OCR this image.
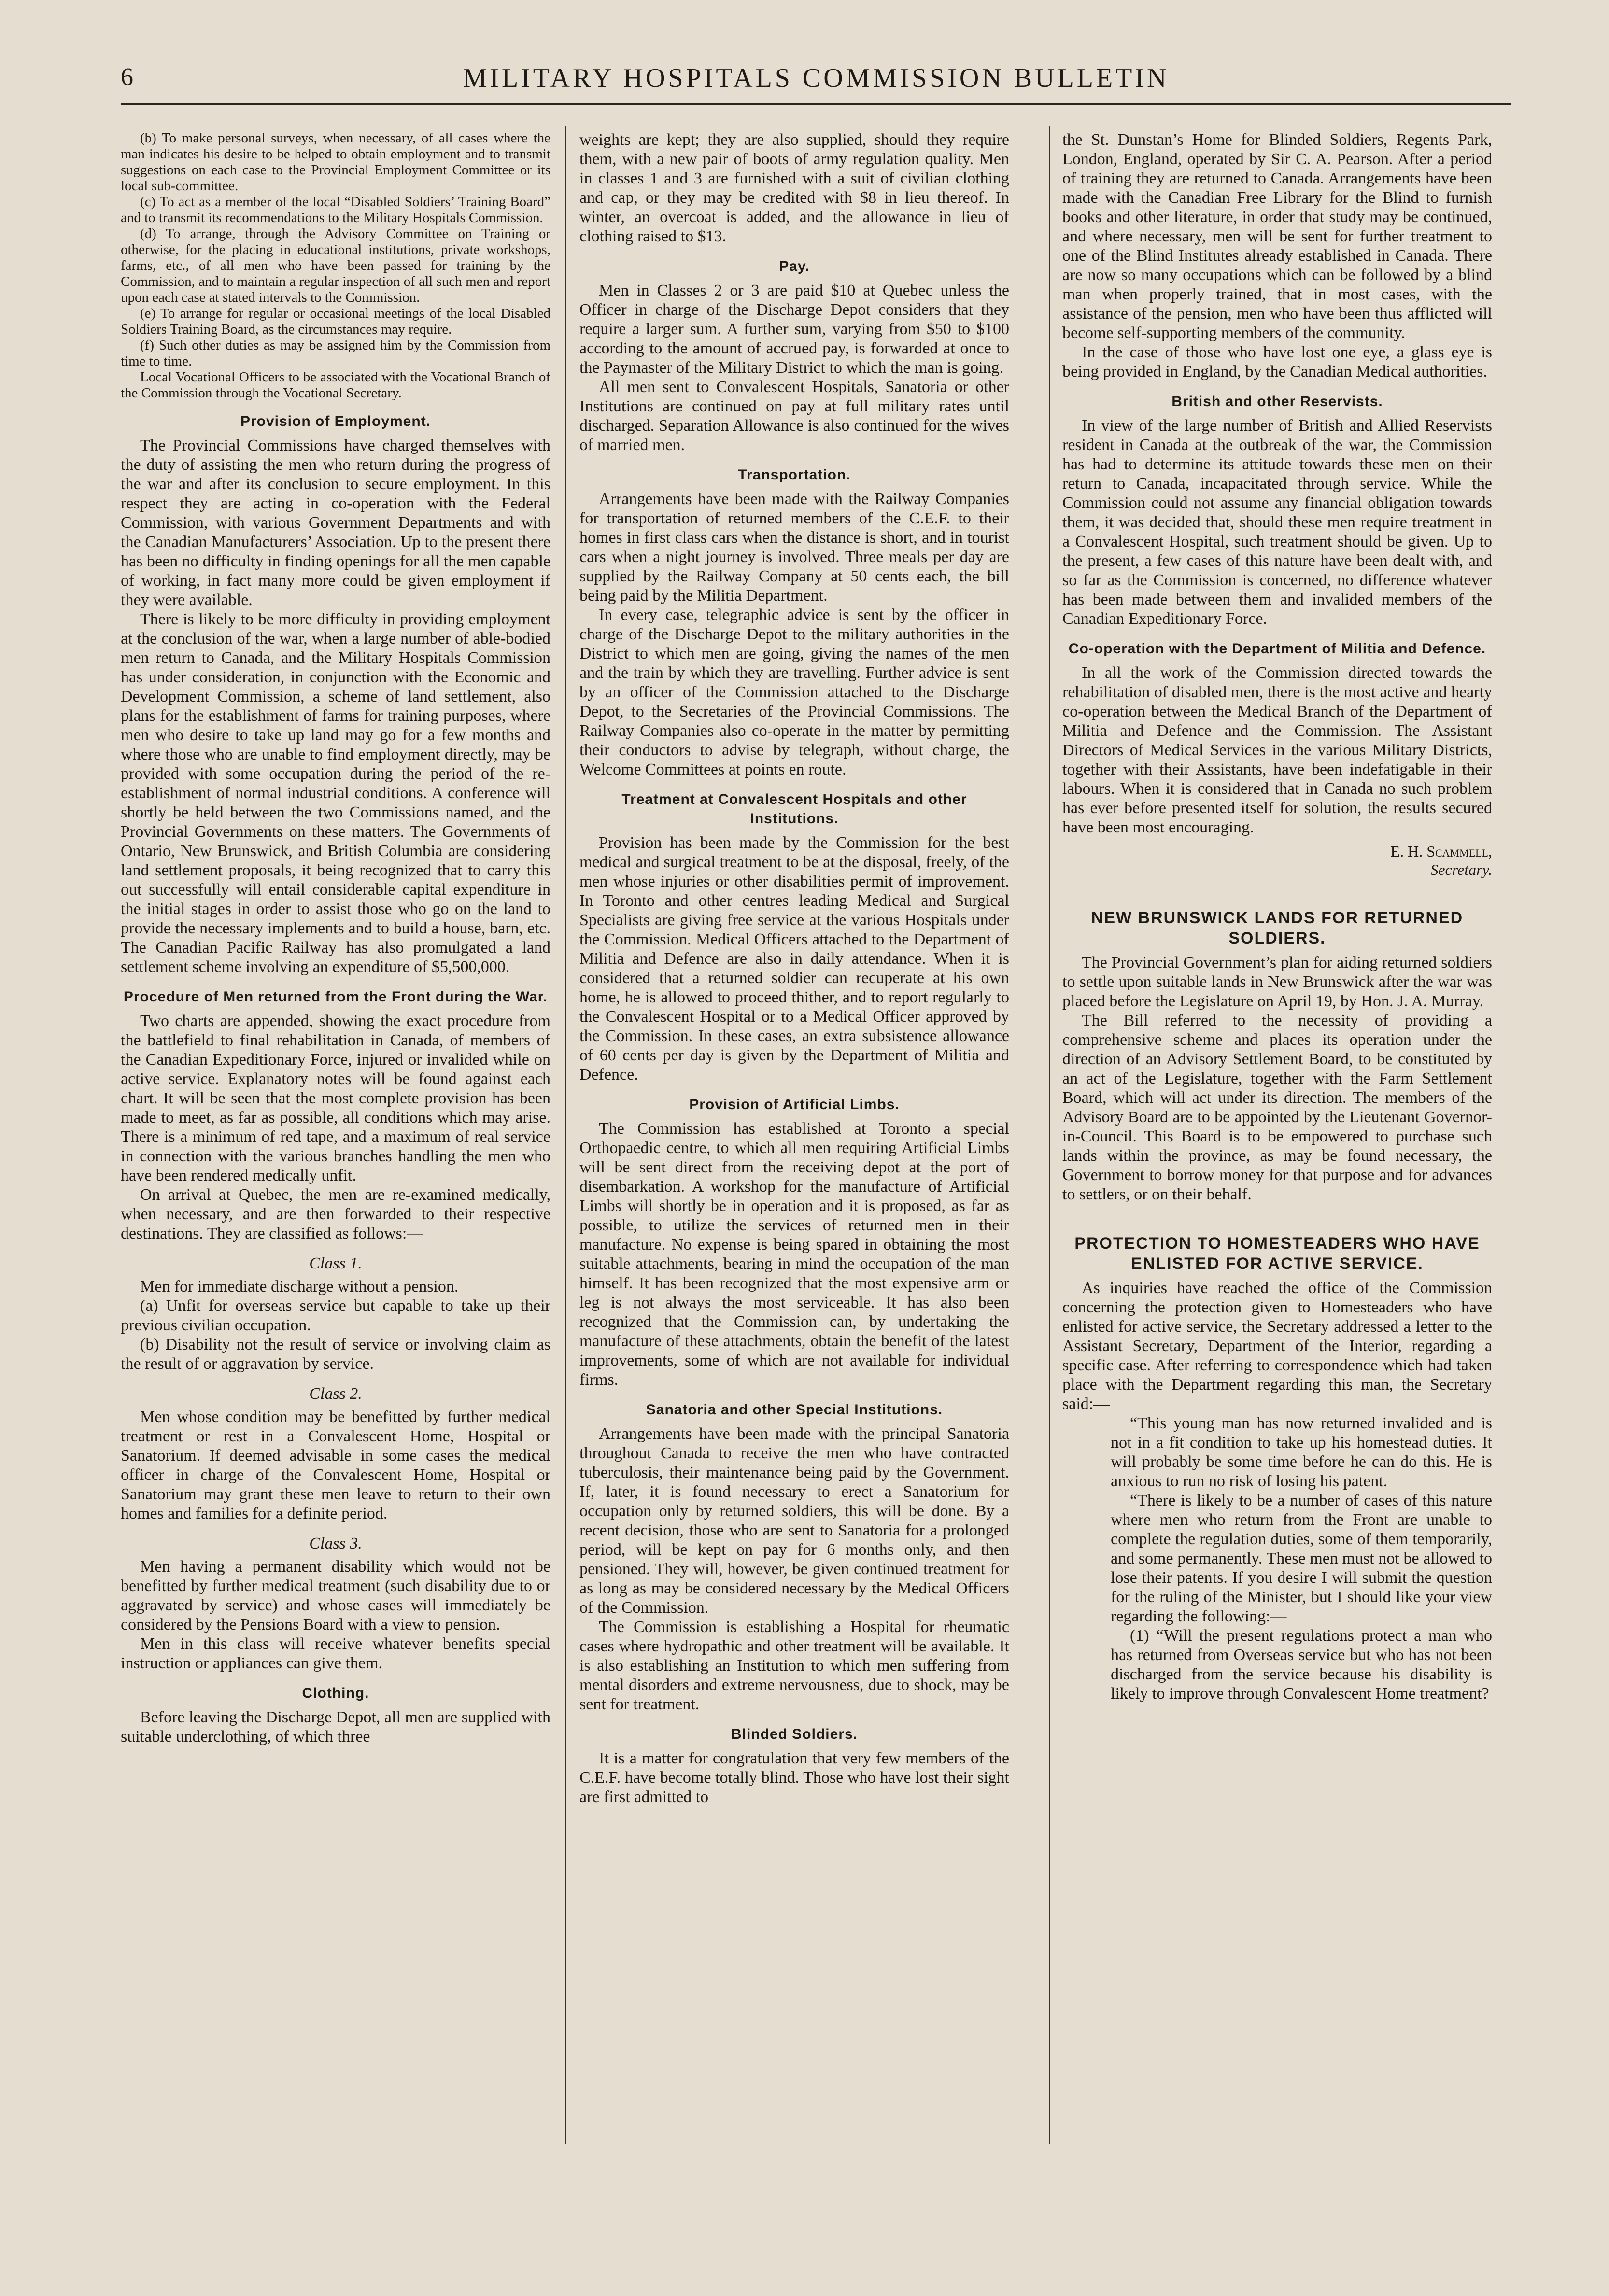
6	MILITARY HOSPITALS COMMISSION BULLETIN

(b) To make personal surveys, when necessary, of all cases where the man indicates his desire to be helped to obtain employment and to transmit suggestions on each case to the Provincial Employment Committee or its local sub-committee.

(c) To act as a member of the local “Disabled Soldiers’ Training Board” and to transmit its recommendations to the Military Hospitals Commission.

(d) To arrange, through the Advisory Committee on Training or otherwise, for the placing in educational institutions, private workshops, farms, etc., of all men who have been passed for training by the Commission, and to maintain a regular inspection of all such men and report upon each case at stated intervals to the Commission.

(e) To arrange for regular or occasional meetings of the local Disabled Soldiers Training Board, as the circumstances may require.

(f) Such other duties as may be assigned him by the Commission from time to time.

Local Vocational Officers to be associated with the Vocational Branch of the Commission through the Vocational Secretary.

Provision of Employment.

The Provincial Commissions have charged themselves with the duty of assisting the men who return during the progress of the war and after its conclusion to secure employment. In this respect they are acting in co-operation with the Federal Commission, with various Government Departments and with the Canadian Manufacturers’ Association. Up to the present there has been no difficulty in finding openings for all the men capable of working, in fact many more could be given employment if they were available.

There is likely to be more difficulty in providing employment at the conclusion of the war, when a large number of able-bodied men return to Canada, and the Military Hospitals Commission has under consideration, in conjunction with the Economic and Development Commission, a scheme of land settlement, also plans for the establishment of farms for training purposes, where men who desire to take up land may go for a few months and where those who are unable to find employment directly, may be provided with some occupation during the period of the re-establishment of normal industrial conditions. A conference will shortly be held between the two Commissions named, and the Provincial Governments on these matters. The Governments of Ontario, New Brunswick, and British Columbia are considering land settlement proposals, it being recognized that to carry this out successfully will entail considerable capital expenditure in the initial stages in order to assist those who go on the land to provide the necessary implements and to build a house, barn, etc. The Canadian Pacific Railway has also promulgated a land settlement scheme involving an expenditure of $5,500,000.

Procedure of Men returned from the Front during the War.

Two charts are appended, showing the exact procedure from the battlefield to final rehabilitation in Canada, of members of the Canadian Expeditionary Force, injured or invalided while on active service. Explanatory notes will be found against each chart. It will be seen that the most complete provision has been made to meet, as far as possible, all conditions which may arise. There is a minimum of red tape, and a maximum of real service in connection with the various branches handling the men who have been rendered medically unfit.

On arrival at Quebec, the men are re-examined medically, when necessary, and are then forwarded to their respective destinations. They are classified as follows:—

Class 1.

Men for immediate discharge without a pension.

(a) Unfit for overseas service but capable to take up their previous civilian occupation.

(b) Disability not the result of service or involving claim as the result of or aggravation by service.

Class 2.

Men whose condition may be benefitted by further medical treatment or rest in a Convalescent Home, Hospital or Sanatorium. If deemed advisable in some cases the medical officer in charge of the Convalescent Home, Hospital or Sanatorium may grant these men leave to return to their own homes and families for a definite period.

Class 3.

Men having a permanent disability which would not be benefitted by further medical treatment (such disability due to or aggravated by service) and whose cases will immediately be considered by the Pensions Board with a view to pension.

Men in this class will receive whatever benefits special instruction or appliances can give them.

Clothing.

Before leaving the Discharge Depot, all men are supplied with suitable underclothing, of which three

weights are kept; they are also supplied, should they require them, with a new pair of boots of army regulation quality. Men in classes 1 and 3 are furnished with a suit of civilian clothing and cap, or they may be credited with $8 in lieu thereof. In winter, an overcoat is added, and the allowance in lieu of clothing raised to $13.

Pay.

Men in Classes 2 or 3 are paid $10 at Quebec unless the Officer in charge of the Discharge Depot considers that they require a larger sum. A further sum, varying from $50 to $100 according to the amount of accrued pay, is forwarded at once to the Paymaster of the Military District to which the man is going.

All men sent to Convalescent Hospitals, Sanatoria or other Institutions are continued on pay at full military rates until discharged. Separation Allowance is also continued for the wives of married men.

Transportation.

Arrangements have been made with the Railway Companies for transportation of returned members of the C.E.F. to their homes in first class cars when the distance is short, and in tourist cars when a night journey is involved. Three meals per day are supplied by the Railway Company at 50 cents each, the bill being paid by the Militia Department.

In every case, telegraphic advice is sent by the officer in charge of the Discharge Depot to the military authorities in the District to which men are going, giving the names of the men and the train by which they are travelling. Further advice is sent by an officer of the Commission attached to the Discharge Depot, to the Secretaries of the Provincial Commissions. The Railway Companies also co-operate in the matter by permitting their conductors to advise by telegraph, without charge, the Welcome Committees at points en route.

Treatment at Convalescent Hospitals and other Institutions.

Provision has been made by the Commission for the best medical and surgical treatment to be at the disposal, freely, of the men whose injuries or other disabilities permit of improvement. In Toronto and other centres leading Medical and Surgical Specialists are giving free service at the various Hospitals under the Commission. Medical Officers attached to the Department of Militia and Defence are also in daily attendance. When it is considered that a returned soldier can recuperate at his own home, he is allowed to proceed thither, and to report regularly to the Convalescent Hospital or to a Medical Officer approved by the Commission. In these cases, an extra subsistence allowance of 60 cents per day is given by the Department of Militia and Defence.

Provision of Artificial Limbs.

The Commission has established at Toronto a special Orthopaedic centre, to which all men requiring Artificial Limbs will be sent direct from the receiving depot at the port of disembarkation. A workshop for the manufacture of Artificial Limbs will shortly be in operation and it is proposed, as far as possible, to utilize the services of returned men in their manufacture. No expense is being spared in obtaining the most suitable attachments, bearing in mind the occupation of the man himself. It has been recognized that the most expensive arm or leg is not always the most serviceable. It has also been recognized that the Commission can, by undertaking the manufacture of these attachments, obtain the benefit of the latest improvements, some of which are not available for individual firms.

Sanatoria and other Special Institutions.

Arrangements have been made with the principal Sanatoria throughout Canada to receive the men who have contracted tuberculosis, their maintenance being paid by the Government. If, later, it is found necessary to erect a Sanatorium for occupation only by returned soldiers, this will be done. By a recent decision, those who are sent to Sanatoria for a prolonged period, will be kept on pay for 6 months only, and then pensioned. They will, however, be given continued treatment for as long as may be considered necessary by the Medical Officers of the Commission.

The Commission is establishing a Hospital for rheumatic cases where hydropathic and other treatment will be available. It is also establishing an Institution to which men suffering from mental disorders and extreme nervousness, due to shock, may be sent for treatment.

Blinded Soldiers.

It is a matter for congratulation that very few members of the C.E.F. have become totally blind. Those who have lost their sight are first admitted to

the St. Dunstan’s Home for Blinded Soldiers, Regents Park, London, England, operated by Sir C. A. Pearson. After a period of training they are returned to Canada. Arrangements have been made with the Canadian Free Library for the Blind to furnish books and other literature, in order that study may be continued, and where necessary, men will be sent for further treatment to one of the Blind Institutes already established in Canada. There are now so many occupations which can be followed by a blind man when properly trained, that in most cases, with the assistance of the pension, men who have been thus afflicted will become self-supporting members of the community.

In the case of those who have lost one eye, a glass eye is being provided in England, by the Canadian Medical authorities.

British and other Reservists.

In view of the large number of British and Allied Reservists resident in Canada at the outbreak of the war, the Commission has had to determine its attitude towards these men on their return to Canada, incapacitated through service. While the Commission could not assume any financial obligation towards them, it was decided that, should these men require treatment in a Convalescent Hospital, such treatment should be given. Up to the present, a few cases of this nature have been dealt with, and so far as the Commission is concerned, no difference whatever has been made between them and invalided members of the Canadian Expeditionary Force.

Co-operation with the Department of Militia and Defence.

In all the work of the Commission directed towards the rehabilitation of disabled men, there is the most active and hearty co-operation between the Medical Branch of the Department of Militia and Defence and the Commission. The Assistant Directors of Medical Services in the various Military Districts, together with their Assistants, have been indefatigable in their labours. When it is considered that in Canada no such problem has ever before presented itself for solution, the results secured have been most encouraging.

E. H. Scammell,
Secretary.
NEW BRUNSWICK LANDS FOR RETURNED SOLDIERS.

The Provincial Government’s plan for aiding returned soldiers to settle upon suitable lands in New Brunswick after the war was placed before the Legislature on April 19, by Hon. J. A. Murray.

The Bill referred to the necessity of providing a comprehensive scheme and places its operation under the direction of an Advisory Settlement Board, to be constituted by an act of the Legislature, together with the Farm Settlement Board, which will act under its direction. The members of the Advisory Board are to be appointed by the Lieutenant Governor-in-Council. This Board is to be empowered to purchase such lands within the province, as may be found necessary, the Government to borrow money for that purpose and for advances to settlers, or on their behalf.

PROTECTION TO HOMESTEADERS WHO HAVE ENLISTED FOR ACTIVE SERVICE.

As inquiries have reached the office of the Commission concerning the protection given to Homesteaders who have enlisted for active service, the Secretary addressed a letter to the Assistant Secretary, Department of the Interior, regarding a specific case. After referring to correspondence which had taken place with the Department regarding this man, the Secretary said:—

“This young man has now returned invalided and is not in a fit condition to take up his homestead duties. It will probably be some time before he can do this. He is anxious to run no risk of losing his patent.

“There is likely to be a number of cases of this nature where men who return from the Front are unable to complete the regulation duties, some of them temporarily, and some permanently. These men must not be allowed to lose their patents. If you desire I will submit the question for the ruling of the Minister, but I should like your view regarding the following:—

(1) “Will the present regulations protect a man who has returned from Overseas service but who has not been discharged from the service because his disability is likely to improve through Convalescent Home treatment?
